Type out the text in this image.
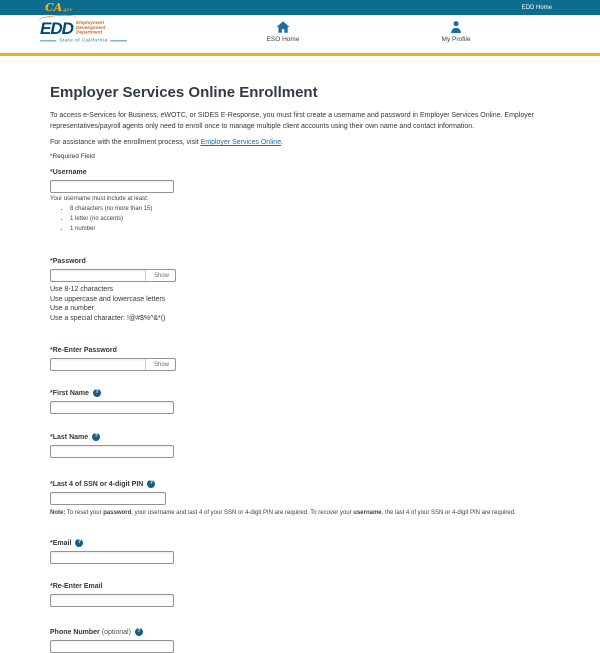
CA gov	EDD Home
EDD Employment
Development
Department
State of California	ESO Home	My Profile
Employer Services Online Enrollment

To access e-Services for Business, eWOTC, or SIDES E-Response, you must first create a username and password in Employer Services Online. Employer representatives/payroll agents only need to enroll once to manage multiple client accounts using their own name and contact information.

For assistance with the enrollment process, visit Employer Services Online.

*Required Field

*Username
Your username must include at least:
• 8 characters (no more than 15)
• 1 letter (no accents)
• 1 number
*Password
Show
Use 8-12 characters
Use uppercase and lowercase letters
Use a number
Use a special character: !@#$%^&*()
*Re-Enter Password
Show
*First Name	?
*Last Name	?
*Last 4 of SSN or 4-digit PIN	?

Note: To reset your password, your username and last 4 of your SSN or 4-digit PIN are required. To recover your username, the last 4 of your SSN or 4-digit PIN are required.

*Email	?
*Re-Enter Email
Phone Number (optional)	?
